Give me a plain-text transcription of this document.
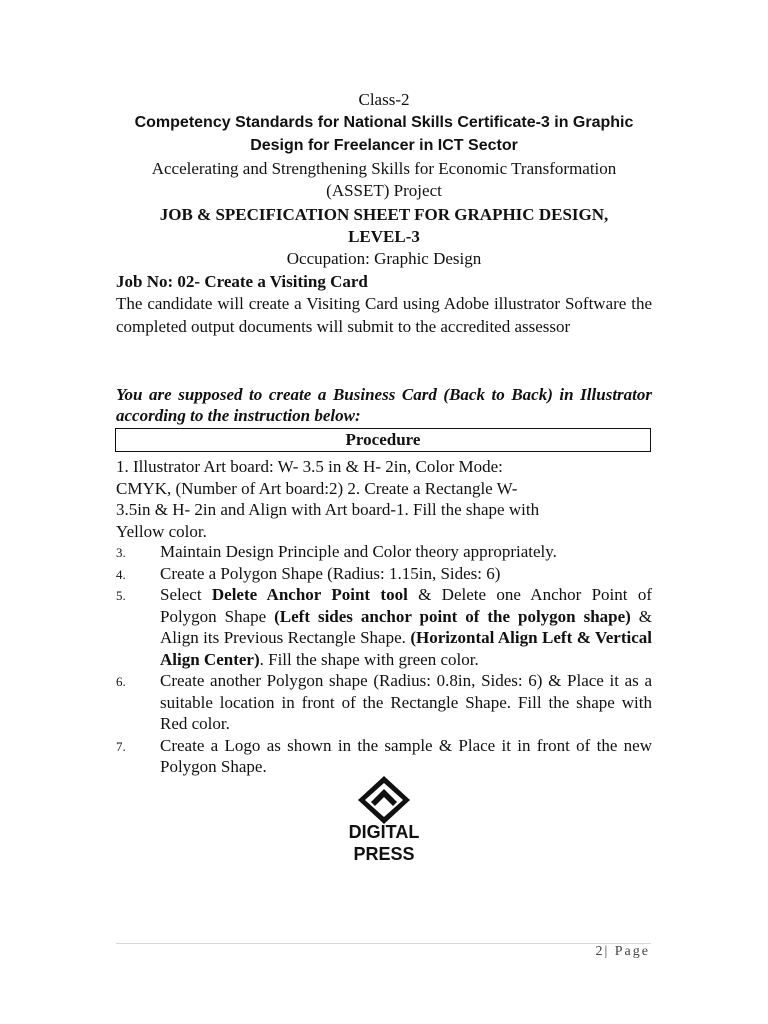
Class-2
Competency Standards for National Skills Certificate-3 in Graphic
Design for Freelancer in ICT Sector
Accelerating and Strengthening Skills for Economic Transformation
(ASSET) Project
JOB & SPECIFICATION SHEET FOR GRAPHIC DESIGN,
LEVEL-3
Occupation: Graphic Design
Job No: 02- Create a Visiting Card
The candidate will create a Visiting Card using Adobe illustrator Software the completed output documents will submit to the accredited assessor
You are supposed to create a Business Card (Back to Back) in Illustrator according to the instruction below:
Procedure
1. Illustrator Art board: W- 3.5 in & H- 2in, Color Mode:
CMYK, (Number of Art board:2) 2. Create a Rectangle W-
3.5in & H- 2in and Align with Art board-1. Fill the shape with
Yellow color.
3. Maintain Design Principle and Color theory appropriately.
4. Create a Polygon Shape (Radius: 1.15in, Sides: 6)
5. Select Delete Anchor Point tool & Delete one Anchor Point of Polygon Shape (Left sides anchor point of the polygon shape) & Align its Previous Rectangle Shape. (Horizontal Align Left & Vertical Align Center). Fill the shape with green color.
6. Create another Polygon shape (Radius: 0.8in, Sides: 6) & Place it as a suitable location in front of the Rectangle Shape. Fill the shape with Red color.
7. Create a Logo as shown in the sample & Place it in front of the new Polygon Shape.
DIGITAL
PRESS
2| Page
